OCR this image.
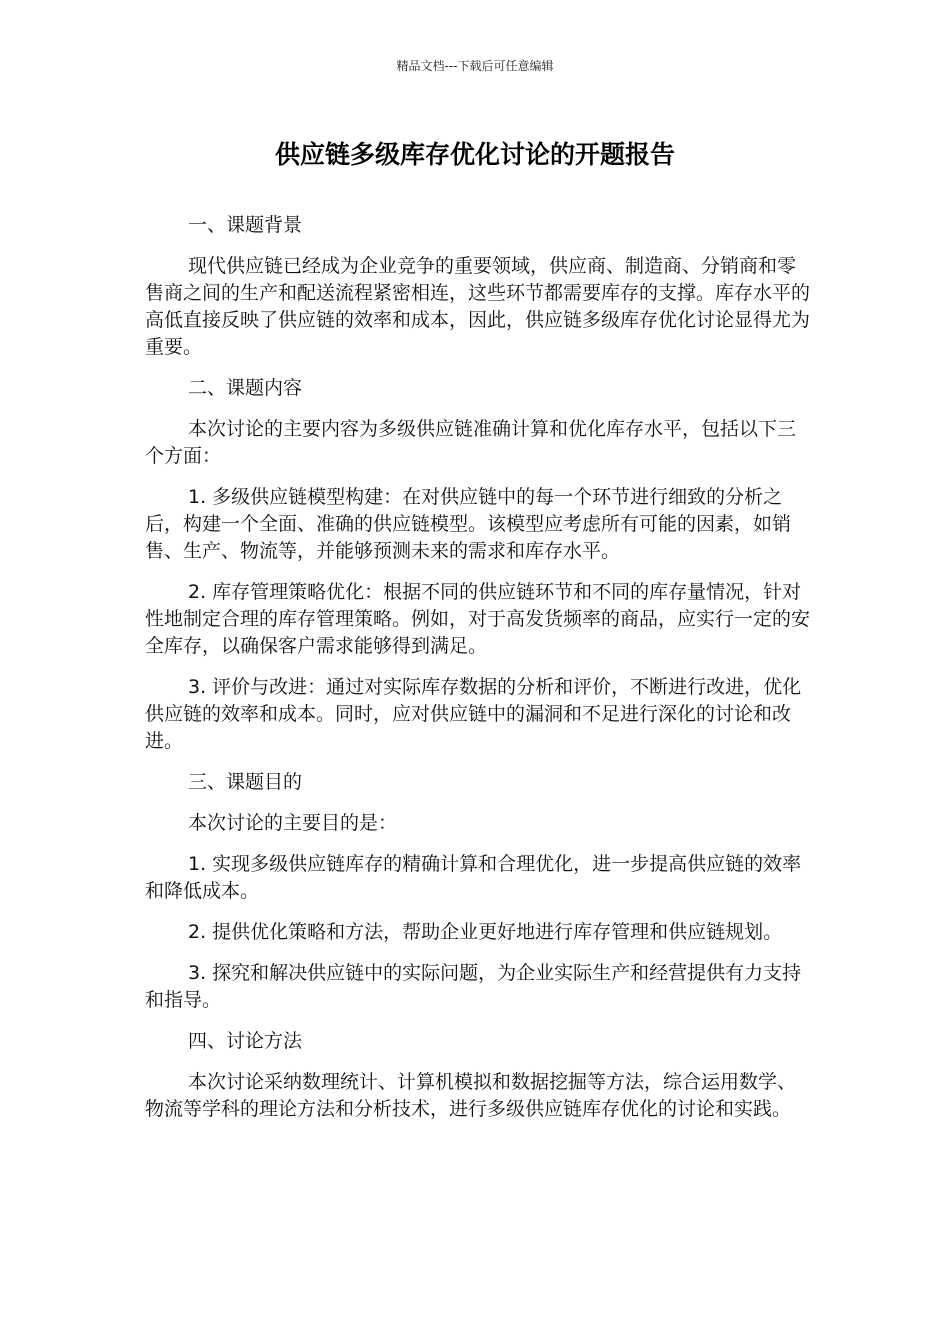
精品文档---下载后可任意编辑
供应链多级库存优化讨论的开题报告

一、课题背景

现代供应链已经成为企业竞争的重要领域，供应商、制造商、分销商和零售商之间的生产和配送流程紧密相连，这些环节都需要库存的支撑。库存水平的高低直接反映了供应链的效率和成本，因此，供应链多级库存优化讨论显得尤为重要。

二、课题内容

本次讨论的主要内容为多级供应链准确计算和优化库存水平，包括以下三个方面：

1. 多级供应链模型构建：在对供应链中的每一个环节进行细致的分析之后，构建一个全面、准确的供应链模型。该模型应考虑所有可能的因素，如销售、生产、物流等，并能够预测未来的需求和库存水平。

2. 库存管理策略优化：根据不同的供应链环节和不同的库存量情况，针对性地制定合理的库存管理策略。例如，对于高发货频率的商品，应实行一定的安全库存，以确保客户需求能够得到满足。

3. 评价与改进：通过对实际库存数据的分析和评价，不断进行改进，优化供应链的效率和成本。同时，应对供应链中的漏洞和不足进行深化的讨论和改进。

三、课题目的

本次讨论的主要目的是：

1. 实现多级供应链库存的精确计算和合理优化，进一步提高供应链的效率和降低成本。

2. 提供优化策略和方法，帮助企业更好地进行库存管理和供应链规划。

3. 探究和解决供应链中的实际问题，为企业实际生产和经营提供有力支持和指导。

四、讨论方法

本次讨论采纳数理统计、计算机模拟和数据挖掘等方法，综合运用数学、物流等学科的理论方法和分析技术，进行多级供应链库存优化的讨论和实践。
